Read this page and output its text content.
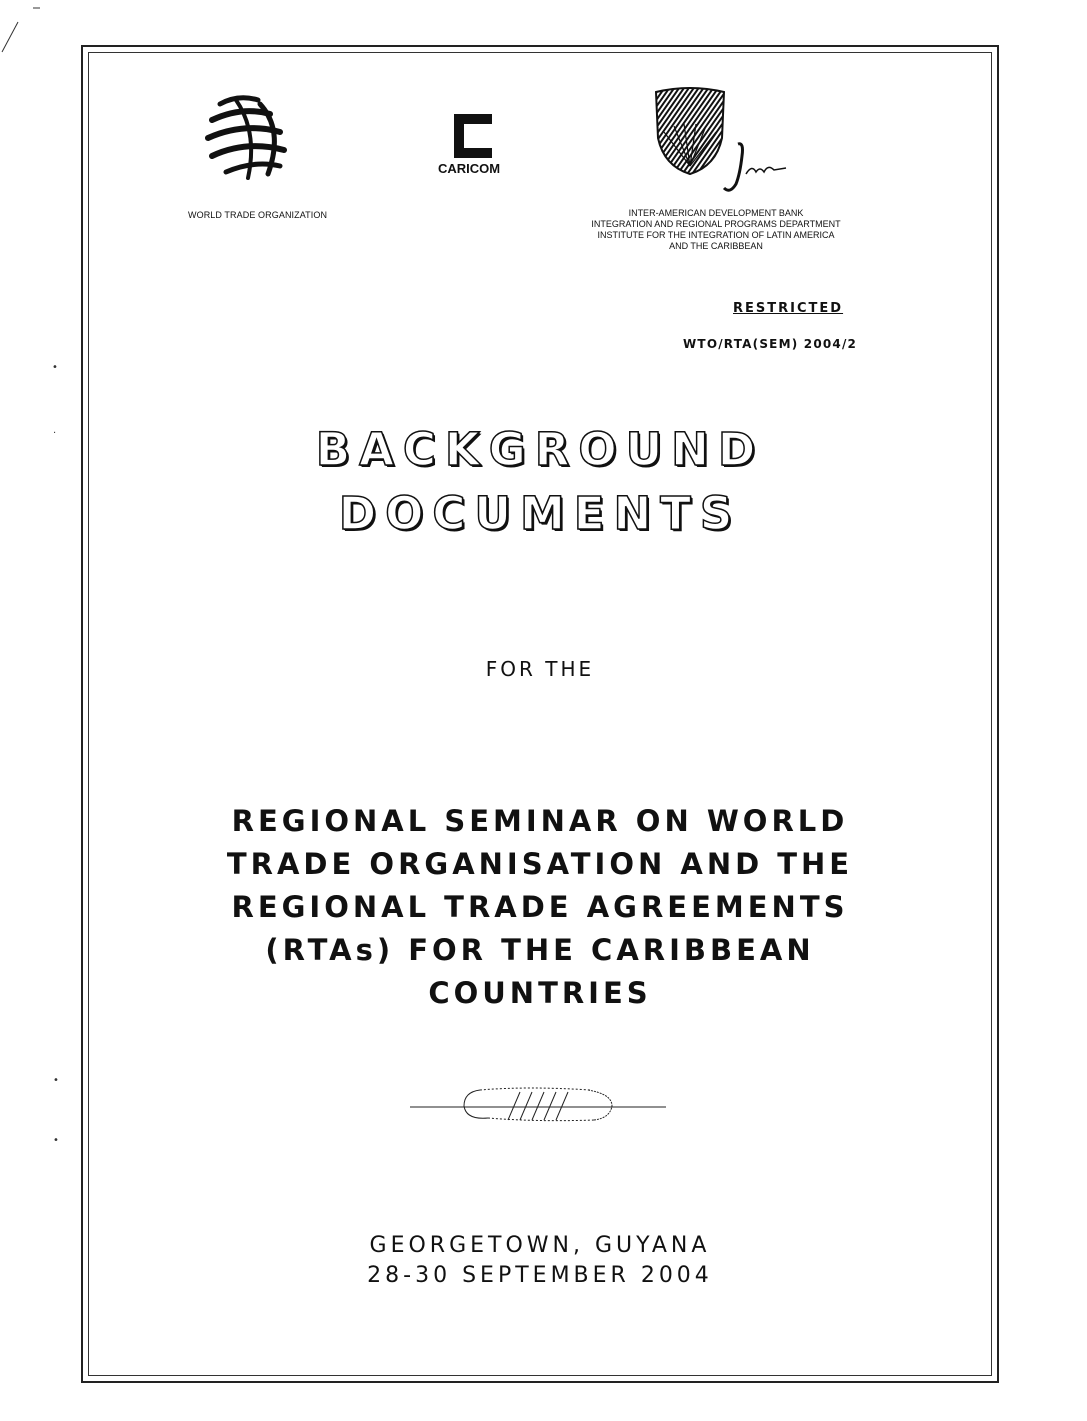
•
·
•
•
WORLD TRADE ORGANIZATION
CARICOM
INTER-AMERICAN DEVELOPMENT BANK
INTEGRATION AND REGIONAL PROGRAMS DEPARTMENT
INSTITUTE FOR THE INTEGRATION OF LATIN AMERICA
AND THE CARIBBEAN
RESTRICTED
WTO/RTA(SEM) 2004/2
BACKGROUND
DOCUMENTS
FOR THE
REGIONAL SEMINAR ON WORLD
TRADE ORGANISATION AND THE
REGIONAL TRADE AGREEMENTS
(RTAs) FOR THE CARIBBEAN
COUNTRIES
GEORGETOWN, GUYANA
28-30 SEPTEMBER 2004
